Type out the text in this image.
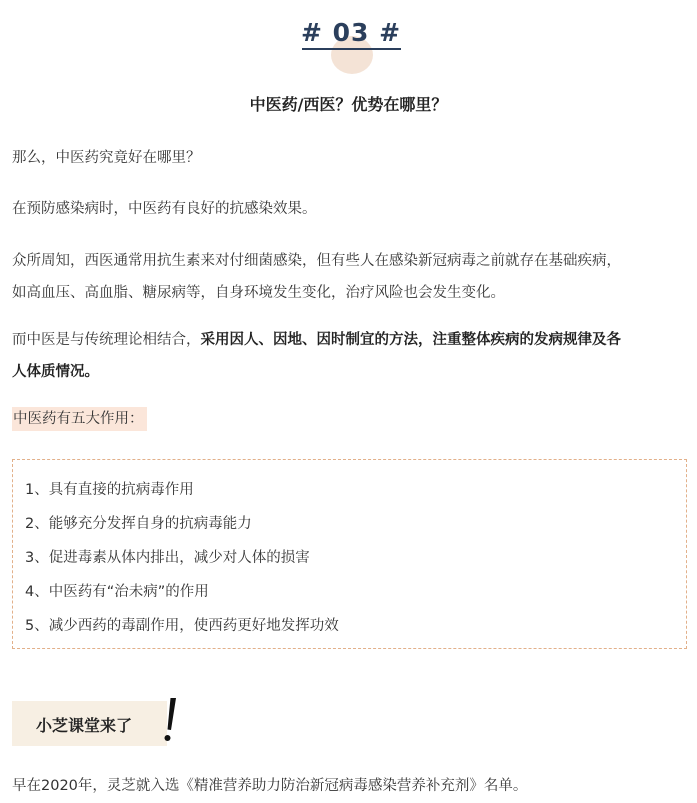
# 03 #
中医药/西医？优势在哪里？

那么，中医药究竟好在哪里？

在预防感染病时，中医药有良好的抗感染效果。

众所周知，西医通常用抗生素来对付细菌感染，但有些人在感染新冠病毒之前就存在基础疾病，
如高血压、高血脂、糖尿病等，自身环境发生变化，治疗风险也会发生变化。

而中医是与传统理论相结合，采用因人、因地、因时制宜的方法，注重整体疾病的发病规律及各
人体质情况。

中医药有五大作用：
1、具有直接的抗病毒作用
2、能够充分发挥自身的抗病毒能力
3、促进毒素从体内排出，减少对人体的损害
4、中医药有“治未病”的作用
5、减少西药的毒副作用，使西药更好地发挥功效
小芝课堂来了

早在2020年，灵芝就入选《精准营养助力防治新冠病毒感染营养补充剂》名单。
